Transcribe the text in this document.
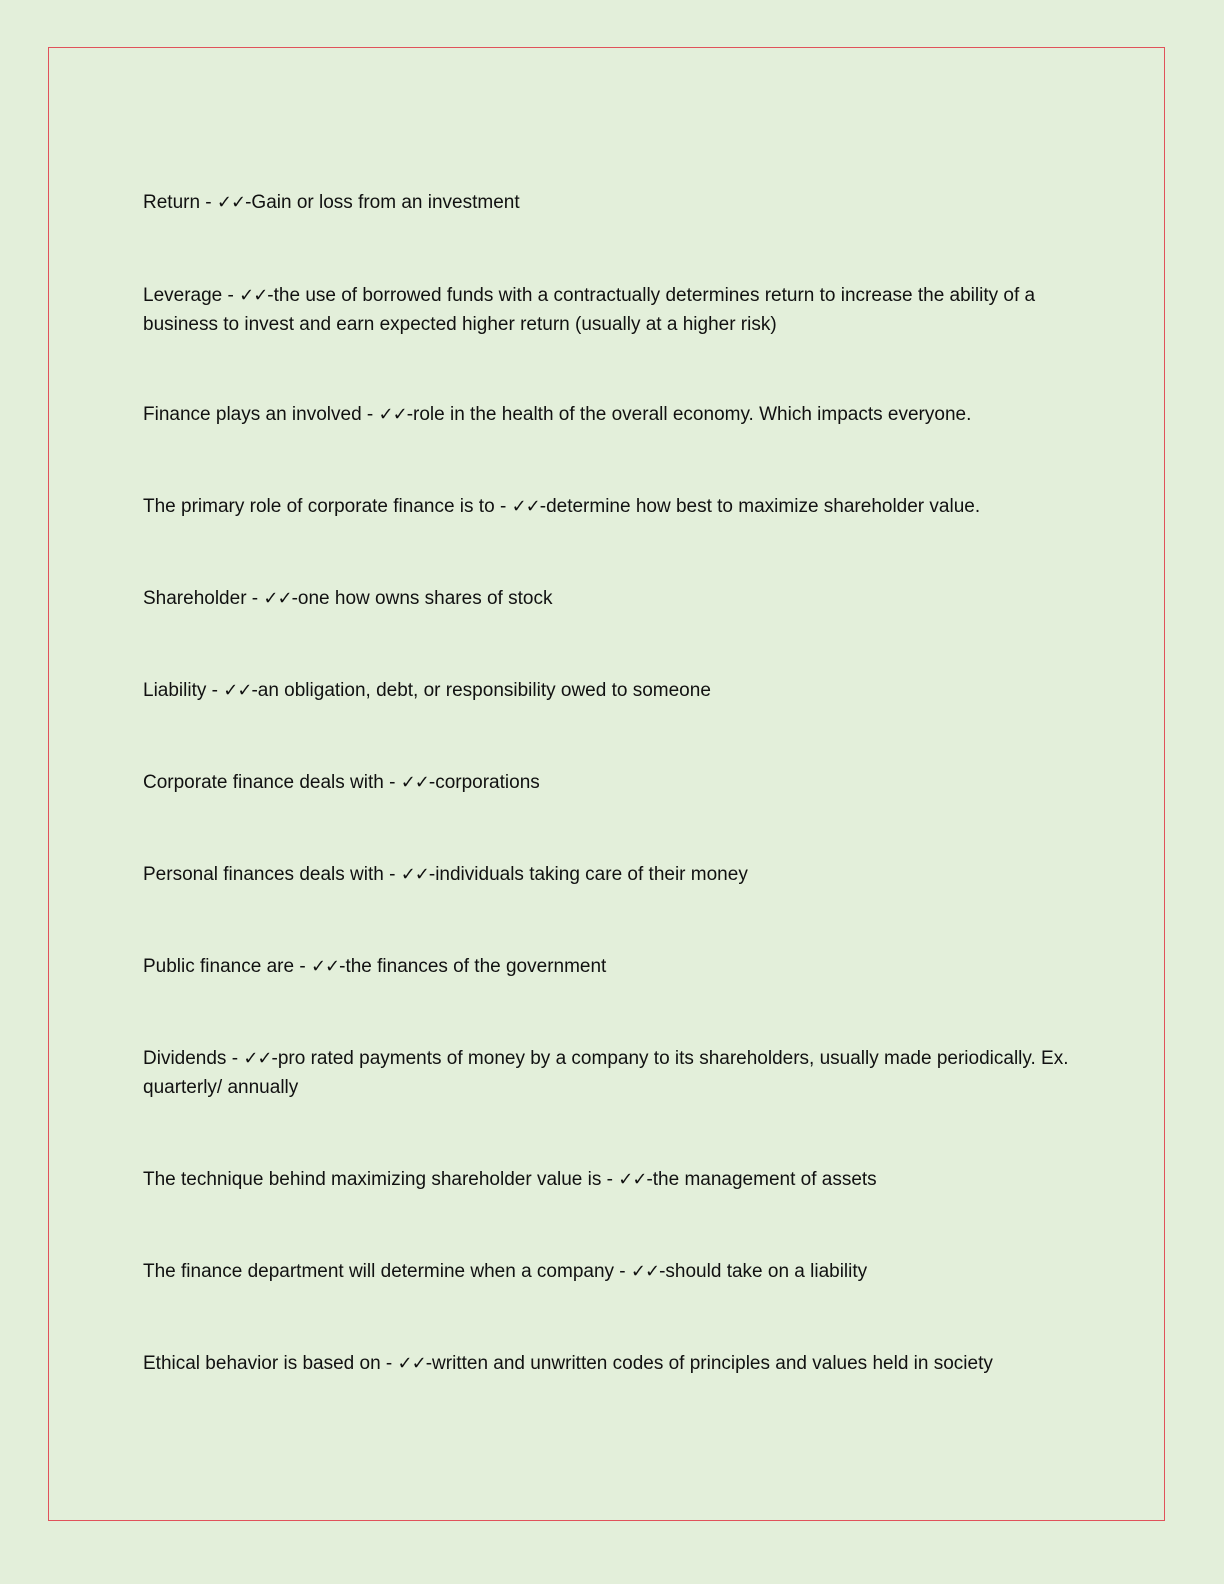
Return - ✓✓-Gain or loss from an investment

Leverage - ✓✓-the use of borrowed funds with a contractually determines return to increase the ability of a business to invest and earn expected higher return (usually at a higher risk)

Finance plays an involved - ✓✓-role in the health of the overall economy. Which impacts everyone.

The primary role of corporate finance is to - ✓✓-determine how best to maximize shareholder value.

Shareholder - ✓✓-one how owns shares of stock

Liability - ✓✓-an obligation, debt, or responsibility owed to someone

Corporate finance deals with - ✓✓-corporations

Personal finances deals with - ✓✓-individuals taking care of their money

Public finance are - ✓✓-the finances of the government

Dividends - ✓✓-pro rated payments of money by a company to its shareholders, usually made periodically. Ex. quarterly/ annually

The technique behind maximizing shareholder value is - ✓✓-the management of assets

The finance department will determine when a company - ✓✓-should take on a liability

Ethical behavior is based on - ✓✓-written and unwritten codes of principles and values held in society
